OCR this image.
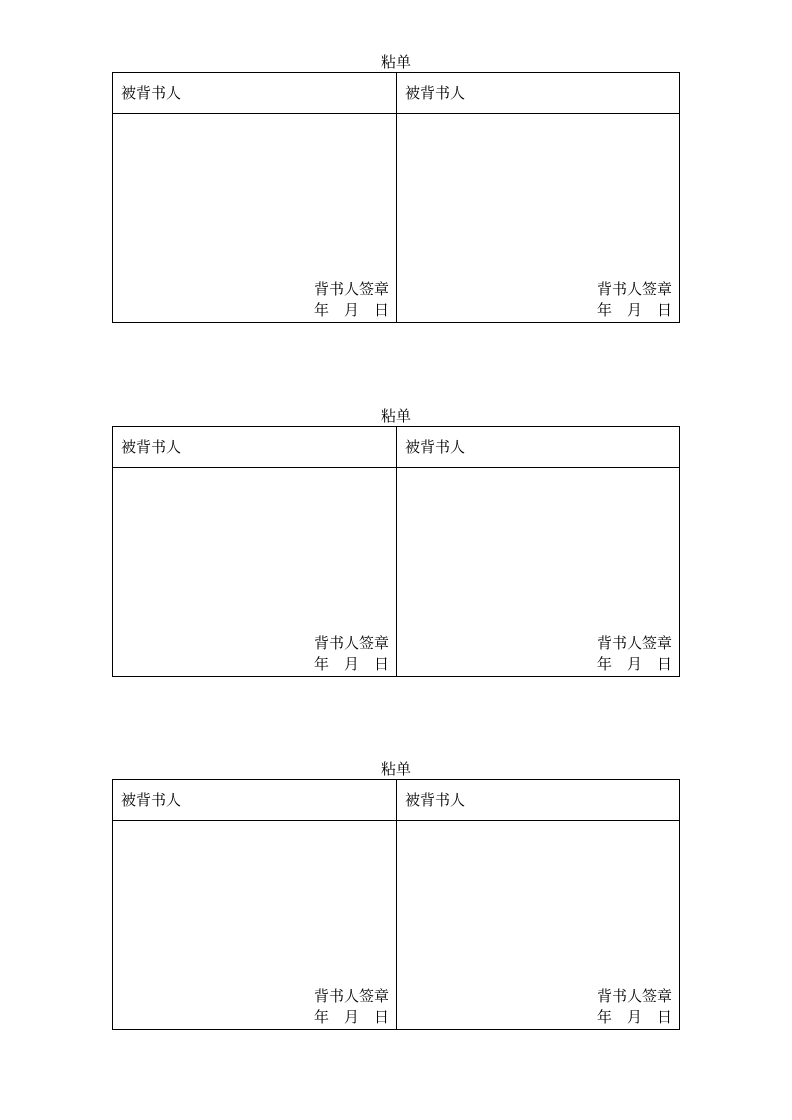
粘单
被背书人
背书人签章
年　月　日
被背书人
背书人签章
年　月　日
粘单
被背书人
背书人签章
年　月　日
被背书人
背书人签章
年　月　日
粘单
被背书人
背书人签章
年　月　日
被背书人
背书人签章
年　月　日
